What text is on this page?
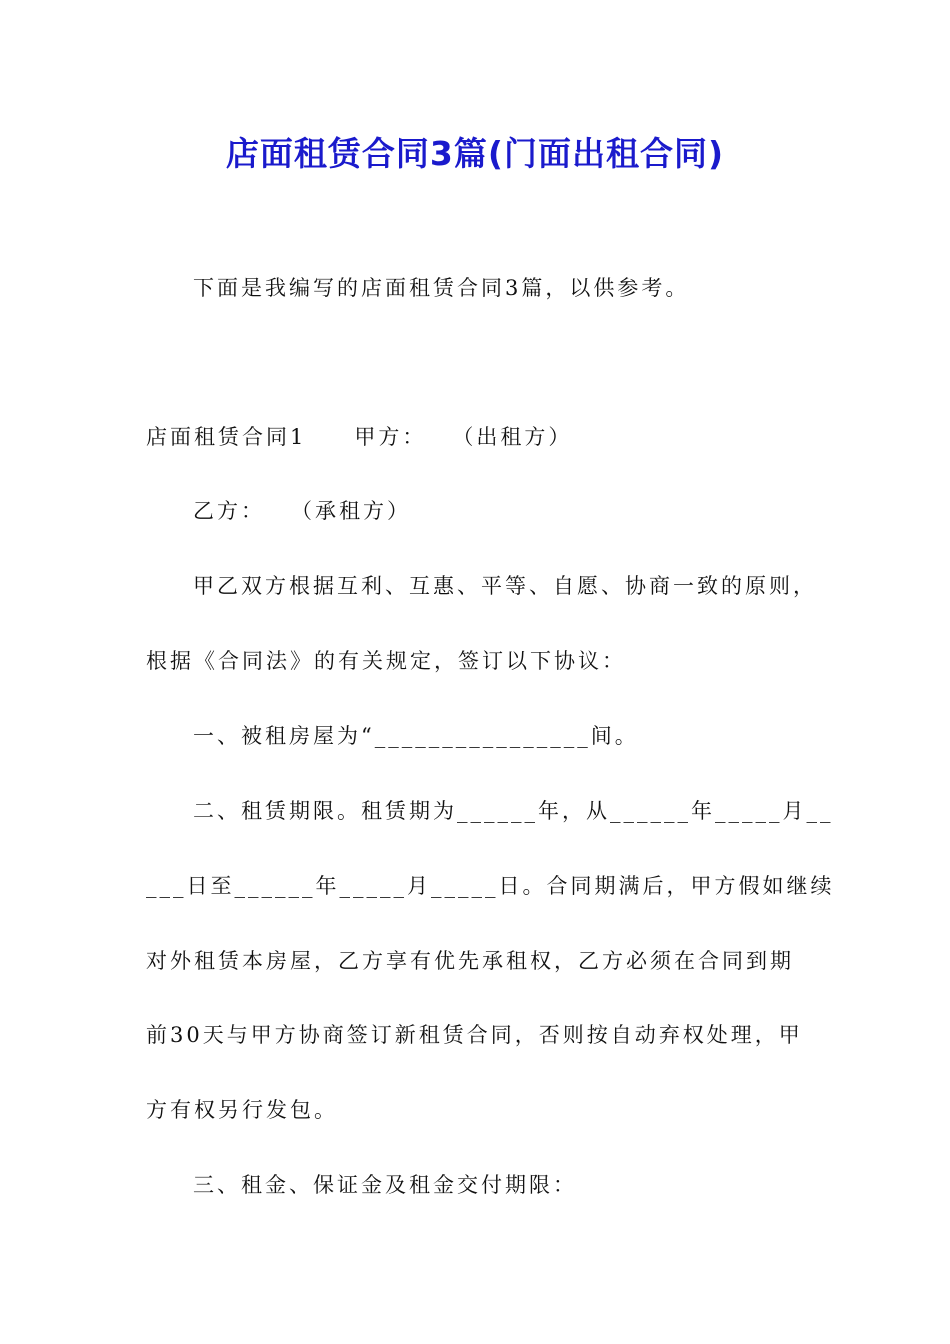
店面租赁合同3篇(门面出租合同)
下面是我编写的店面租赁合同3篇，以供参考。
店面租赁合同1 甲方： （出租方）
乙方： （承租方）
甲乙双方根据互利、互惠、平等、自愿、协商一致的原则，
根据《合同法》的有关规定，签订以下协议：
一、被租房屋为“________________间。
二、租赁期限。租赁期为______年，从______年_____月__
___日至______年_____月_____日。合同期满后，甲方假如继续
对外租赁本房屋，乙方享有优先承租权，乙方必须在合同到期
前30天与甲方协商签订新租赁合同，否则按自动弃权处理，甲
方有权另行发包。
三、租金、保证金及租金交付期限：
